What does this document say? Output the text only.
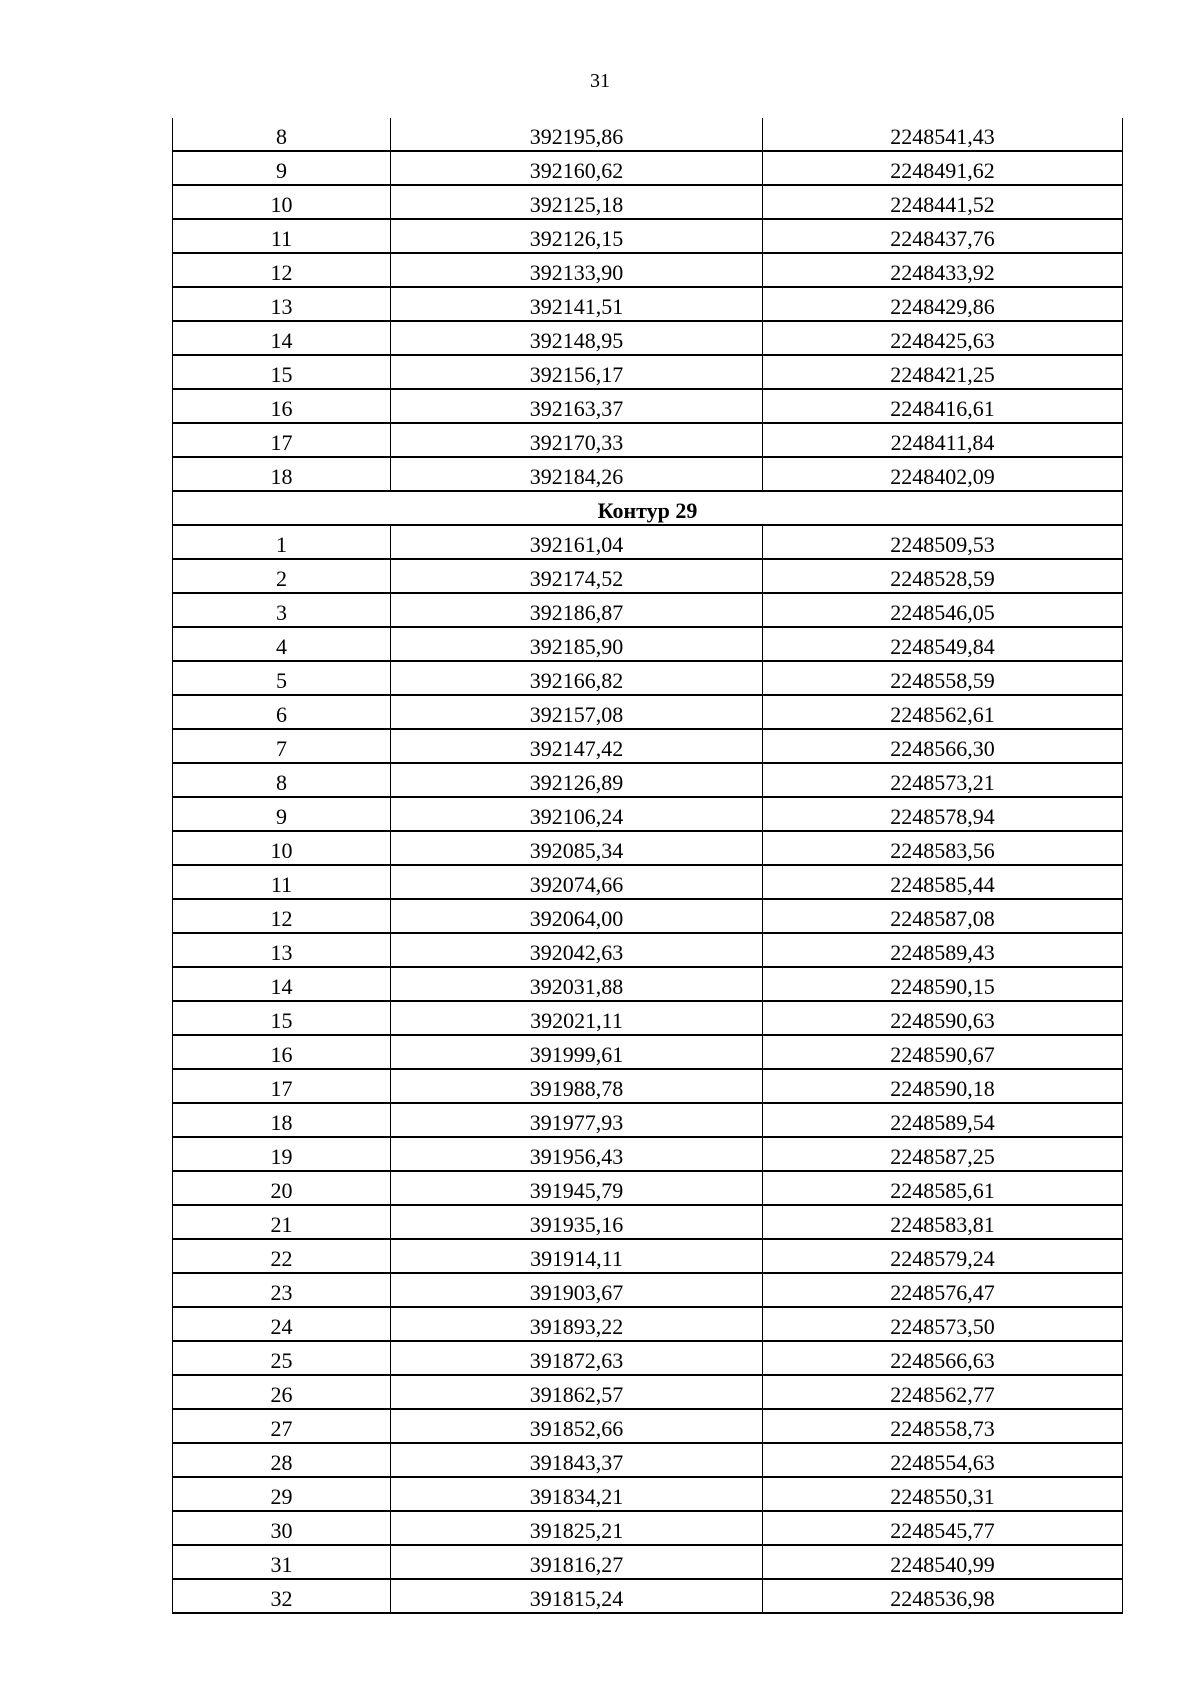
31
8	392195,86	2248541,43
9	392160,62	2248491,62
10	392125,18	2248441,52
11	392126,15	2248437,76
12	392133,90	2248433,92
13	392141,51	2248429,86
14	392148,95	2248425,63
15	392156,17	2248421,25
16	392163,37	2248416,61
17	392170,33	2248411,84
18	392184,26	2248402,09
Контур 29		
1	392161,04	2248509,53
2	392174,52	2248528,59
3	392186,87	2248546,05
4	392185,90	2248549,84
5	392166,82	2248558,59
6	392157,08	2248562,61
7	392147,42	2248566,30
8	392126,89	2248573,21
9	392106,24	2248578,94
10	392085,34	2248583,56
11	392074,66	2248585,44
12	392064,00	2248587,08
13	392042,63	2248589,43
14	392031,88	2248590,15
15	392021,11	2248590,63
16	391999,61	2248590,67
17	391988,78	2248590,18
18	391977,93	2248589,54
19	391956,43	2248587,25
20	391945,79	2248585,61
21	391935,16	2248583,81
22	391914,11	2248579,24
23	391903,67	2248576,47
24	391893,22	2248573,50
25	391872,63	2248566,63
26	391862,57	2248562,77
27	391852,66	2248558,73
28	391843,37	2248554,63
29	391834,21	2248550,31
30	391825,21	2248545,77
31	391816,27	2248540,99
32	391815,24	2248536,98
